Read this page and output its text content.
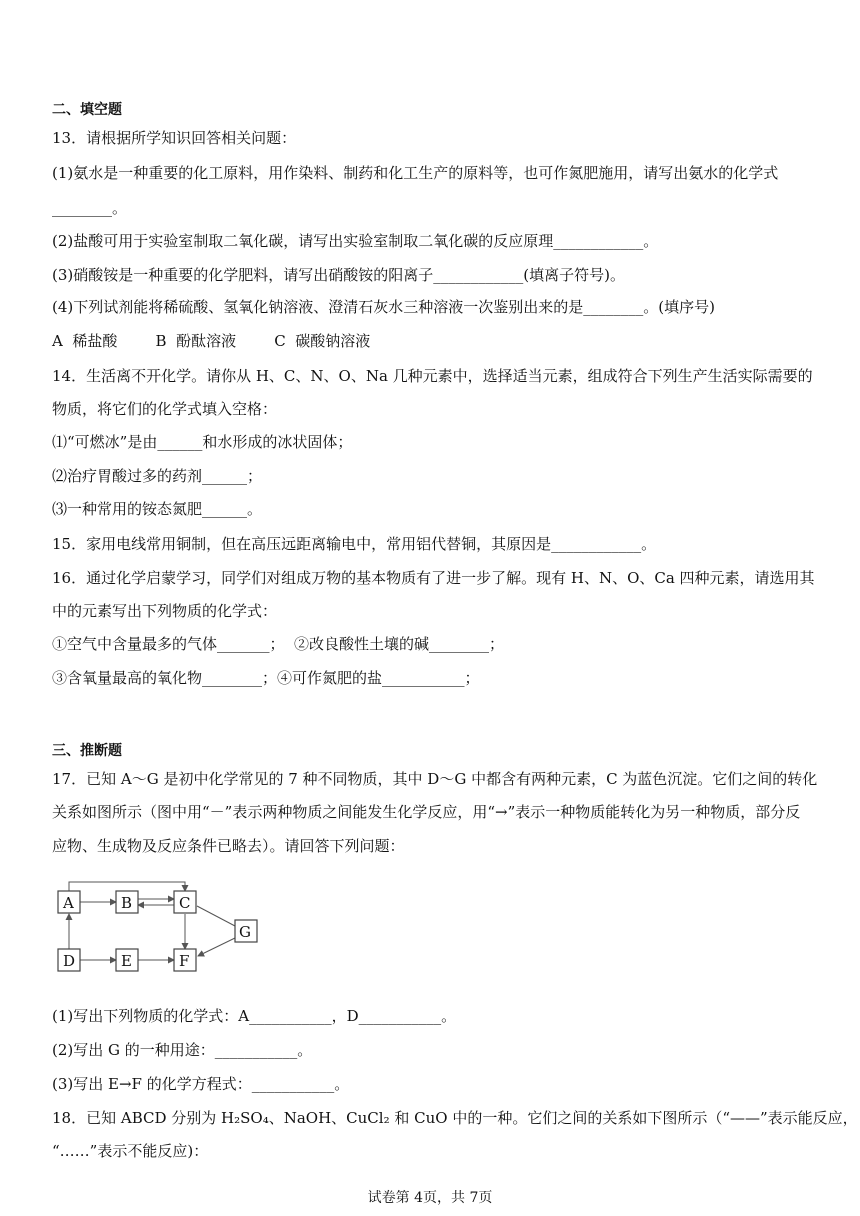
二、填空题
13．请根据所学知识回答相关问题：
(1)氨水是一种重要的化工原料，用作染料、制药和化工生产的原料等，也可作氮肥施用，请写出氨水的化学式
________。
(2)盐酸可用于实验室制取二氧化碳，请写出实验室制取二氧化碳的反应原理____________。
(3)硝酸铵是一种重要的化学肥料，请写出硝酸铵的阳离子____________(填离子符号)。
(4)下列试剂能将稀硫酸、氢氧化钠溶液、澄清石灰水三种溶液一次鉴别出来的是________。(填序号)
A  稀盐酸        B  酚酞溶液        C  碳酸钠溶液
14．生活离不开化学。请你从 H、C、N、O、Na 几种元素中，选择适当元素，组成符合下列生产生活实际需要的
物质，将它们的化学式填入空格：
⑴“可燃冰”是由______和水形成的冰状固体；
⑵治疗胃酸过多的药剂______；
⑶一种常用的铵态氮肥______。
15．家用电线常用铜制，但在高压远距离输电中，常用铝代替铜，其原因是____________。
16．通过化学启蒙学习，同学们对组成万物的基本物质有了进一步了解。现有 H、N、O、Ca 四种元素，请选用其
中的元素写出下列物质的化学式：
①空气中含量最多的气体_______；  ②改良酸性土壤的碱________；
③含氧量最高的氧化物________；④可作氮肥的盐___________；
三、推断题
17．已知 A～G 是初中化学常见的 7 种不同物质，其中 D～G 中都含有两种元素，C 为蓝色沉淀。它们之间的转化
关系如图所示（图中用“－”表示两种物质之间能发生化学反应，用“→”表示一种物质能转化为另一种物质，部分反
应物、生成物及反应条件已略去）。请回答下列问题：
A	B	C
D	E	F
G
(1)写出下列物质的化学式：A___________，D___________。
(2)写出 G 的一种用途：___________。
(3)写出 E→F 的化学方程式：___________。
18．已知 ABCD 分别为 H₂SO₄、NaOH、CuCl₂ 和 CuO 中的一种。它们之间的关系如下图所示（“——”表示能反应，
“……”表示不能反应)：
试卷第 4页，共 7页
